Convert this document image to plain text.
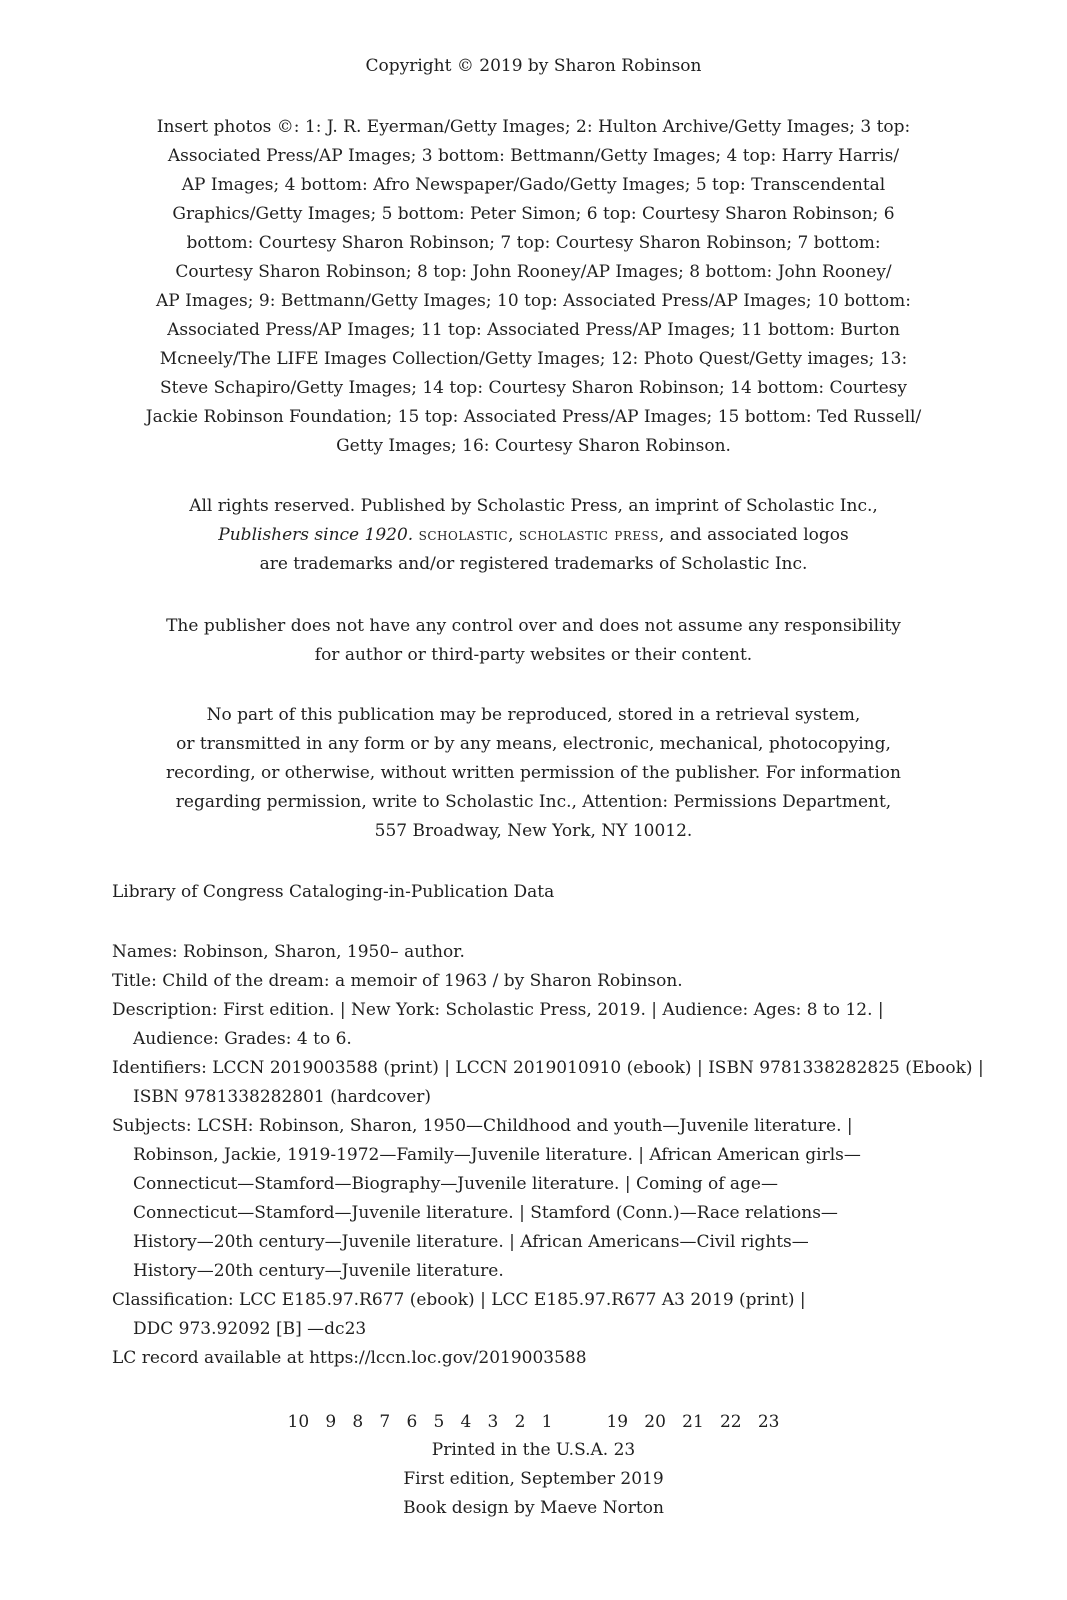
Copyright © 2019 by Sharon Robinson
Insert photos ©: 1: J. R. Eyerman/Getty Images; 2: Hulton Archive/Getty Images; 3 top:
Associated Press/AP Images; 3 bottom: Bettmann/Getty Images; 4 top: Harry Harris/
AP Images; 4 bottom: Afro Newspaper/Gado/Getty Images; 5 top: Transcendental
Graphics/Getty Images; 5 bottom: Peter Simon; 6 top: Courtesy Sharon Robinson; 6
bottom: Courtesy Sharon Robinson; 7 top: Courtesy Sharon Robinson; 7 bottom:
Courtesy Sharon Robinson; 8 top: John Rooney/AP Images; 8 bottom: John Rooney/
AP Images; 9: Bettmann/Getty Images; 10 top: Associated Press/AP Images; 10 bottom:
Associated Press/AP Images; 11 top: Associated Press/AP Images; 11 bottom: Burton
Mcneely/The LIFE Images Collection/Getty Images; 12: Photo Quest/Getty images; 13:
Steve Schapiro/Getty Images; 14 top: Courtesy Sharon Robinson; 14 bottom: Courtesy
Jackie Robinson Foundation; 15 top: Associated Press/AP Images; 15 bottom: Ted Russell/
Getty Images; 16: Courtesy Sharon Robinson.
All rights reserved. Published by Scholastic Press, an imprint of Scholastic Inc.,
Publishers since 1920. scholastic, scholastic press, and associated logos
are trademarks and/or registered trademarks of Scholastic Inc.
The publisher does not have any control over and does not assume any responsibility
for author or third-party websites or their content.
No part of this publication may be reproduced, stored in a retrieval system,
or transmitted in any form or by any means, electronic, mechanical, photocopying,
recording, or otherwise, without written permission of the publisher. For information
regarding permission, write to Scholastic Inc., Attention: Permissions Department,
557 Broadway, New York, NY 10012.
Library of Congress Cataloging-in-Publication Data
Names: Robinson, Sharon, 1950– author.
Title: Child of the dream: a memoir of 1963 / by Sharon Robinson.
Description: First edition. | New York: Scholastic Press, 2019. | Audience: Ages: 8 to 12. |
Audience: Grades: 4 to 6.
Identifiers: LCCN 2019003588 (print) | LCCN 2019010910 (ebook) | ISBN 9781338282825 (Ebook) |
ISBN 9781338282801 (hardcover)
Subjects: LCSH: Robinson, Sharon, 1950—Childhood and youth—Juvenile literature. |
Robinson, Jackie, 1919-1972—Family—Juvenile literature. | African American girls—
Connecticut—Stamford—Biography—Juvenile literature. | Coming of age—
Connecticut—Stamford—Juvenile literature. | Stamford (Conn.)—Race relations—
History—20th century—Juvenile literature. | African Americans—Civil rights—
History—20th century—Juvenile literature.
Classification: LCC E185.97.R677 (ebook) | LCC E185.97.R677 A3 2019 (print) |
DDC 973.92092 [B] —dc23
LC record available at https://lccn.loc.gov/2019003588
10   9   8   7   6   5   4   3   2   1          19   20   21   22   23
Printed in the U.S.A. 23
First edition, September 2019
Book design by Maeve Norton
